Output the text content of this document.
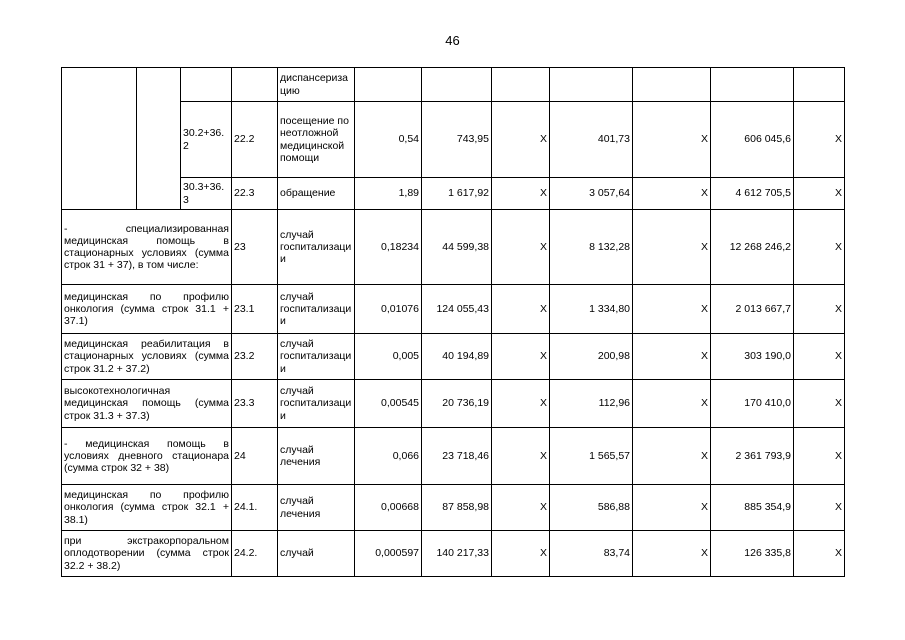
46
				диспансеризацию							
		30.2+36.2	22.2	посещение по неотложной медицинской помощи	0,54	743,95	Х	401,73	Х	606 045,6	Х
		30.3+36.3	22.3	обращение	1,89	1 617,92	Х	3 057,64	Х	4 612 705,5	Х
- специализированная медицинская помощь в стационарных условиях (сумма строк 31 + 37), в том числе:			23	случай госпитализации	0,18234	44 599,38	Х	8 132,28	Х	12 268 246,2	Х
медицинская по профилю онкология (сумма строк 31.1 + 37.1)			23.1	случай госпитализации	0,01076	124 055,43	Х	1 334,80	Х	2 013 667,7	Х
медицинская реабилитация в стационарных условиях (сумма строк 31.2 + 37.2)			23.2	случай госпитализации	0,005	40 194,89	Х	200,98	Х	303 190,0	Х
высокотехнологичная медицинская помощь (сумма строк 31.3 + 37.3)			23.3	случай госпитализации	0,00545	20 736,19	Х	112,96	Х	170 410,0	Х
- медицинская помощь в условиях дневного стационара (сумма строк 32 + 38)			24	случай лечения	0,066	23 718,46	Х	1 565,57	Х	2 361 793,9	Х
медицинская по профилю онкология (сумма строк 32.1 + 38.1)			24.1.	случай лечения	0,00668	87 858,98	Х	586,88	Х	885 354,9	Х
при экстракорпоральном оплодотворении (сумма строк 32.2 + 38.2)			24.2.	случай	0,000597	140 217,33	Х	83,74	Х	126 335,8	Х
